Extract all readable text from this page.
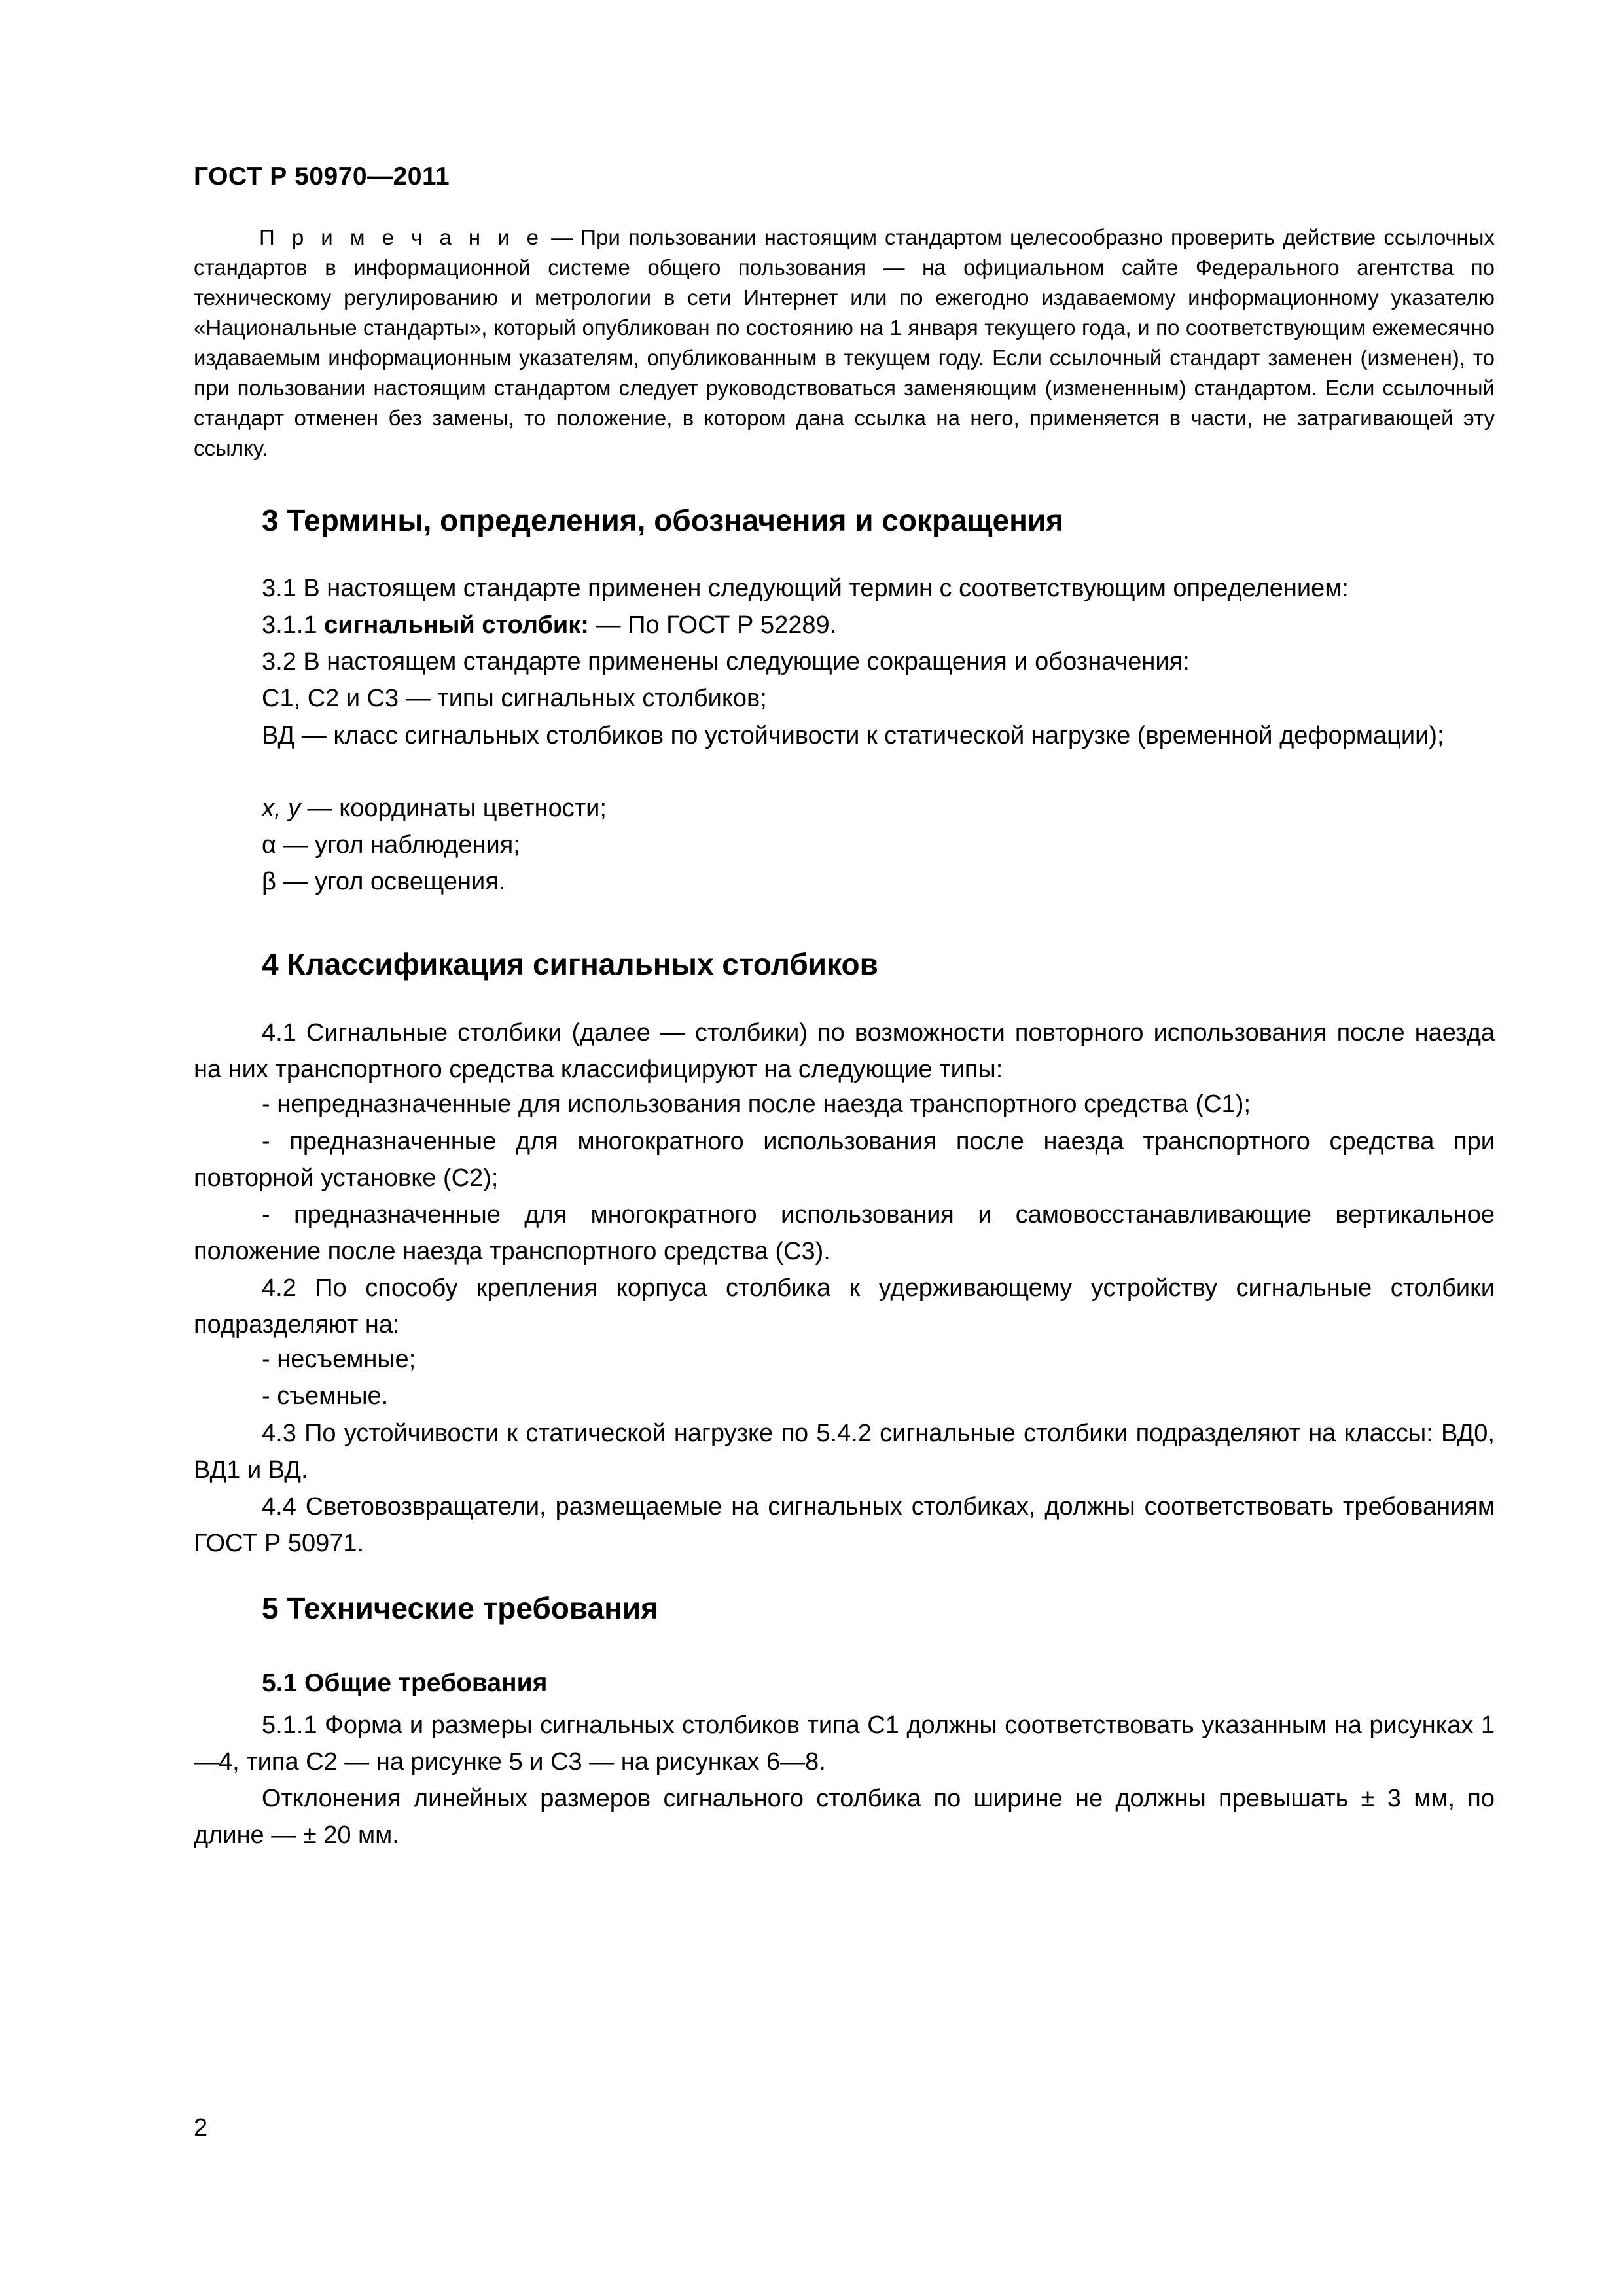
ГОСТ Р 50970—2011

П р и м е ч а н и е — При пользовании настоящим стандартом целесообразно проверить действие ссылочных стандартов в информационной системе общего пользования — на официальном сайте Федерального агентства по техническому регулированию и метрологии в сети Интернет или по ежегодно издаваемому информационному указателю «Национальные стандарты», который опубликован по состоянию на 1 января текущего года, и по соответствующим ежемесячно издаваемым информационным указателям, опубликованным в текущем году. Если ссылочный стандарт заменен (изменен), то при пользовании настоящим стандартом следует руководствоваться заменяющим (измененным) стандартом. Если ссылочный стандарт отменен без замены, то положение, в котором дана ссылка на него, применяется в части, не затрагивающей эту ссылку.

3 Термины, определения, обозначения и сокращения
3.1 В настоящем стандарте применен следующий термин с соответствующим определением:
3.1.1 сигнальный столбик: — По ГОСТ Р 52289.
3.2 В настоящем стандарте применены следующие сокращения и обозначения:
С1, С2 и С3 — типы сигнальных столбиков;

ВД — класс сигнальных столбиков по устойчивости к статической нагрузке (временной деформации);

x, y — координаты цветности;
α — угол наблюдения;
β — угол освещения.
4 Классификация сигнальных столбиков

4.1 Сигнальные столбики (далее — столбики) по возможности повторного использования после наезда на них транспортного средства классифицируют на следующие типы:

- непредназначенные для использования после наезда транспортного средства (С1);

- предназначенные для многократного использования после наезда транспортного средства при повторной установке (С2);

- предназначенные для многократного использования и самовосстанавливающие вертикальное положение после наезда транспортного средства (С3).

4.2 По способу крепления корпуса столбика к удерживающему устройству сигнальные столбики подразделяют на:

- несъемные;
- съемные.

4.3 По устойчивости к статической нагрузке по 5.4.2 сигнальные столбики подразделяют на классы: ВД0, ВД1 и ВД.

4.4 Световозвращатели, размещаемые на сигнальных столбиках, должны соответствовать требованиям ГОСТ Р 50971.

5 Технические требования
5.1 Общие требования

5.1.1 Форма и размеры сигнальных столбиков типа С1 должны соответствовать указанным на рисунках 1—4, типа С2 — на рисунке 5 и С3 — на рисунках 6—8.

Отклонения линейных размеров сигнального столбика по ширине не должны превышать ± 3 мм, по длине — ± 20 мм.

2
